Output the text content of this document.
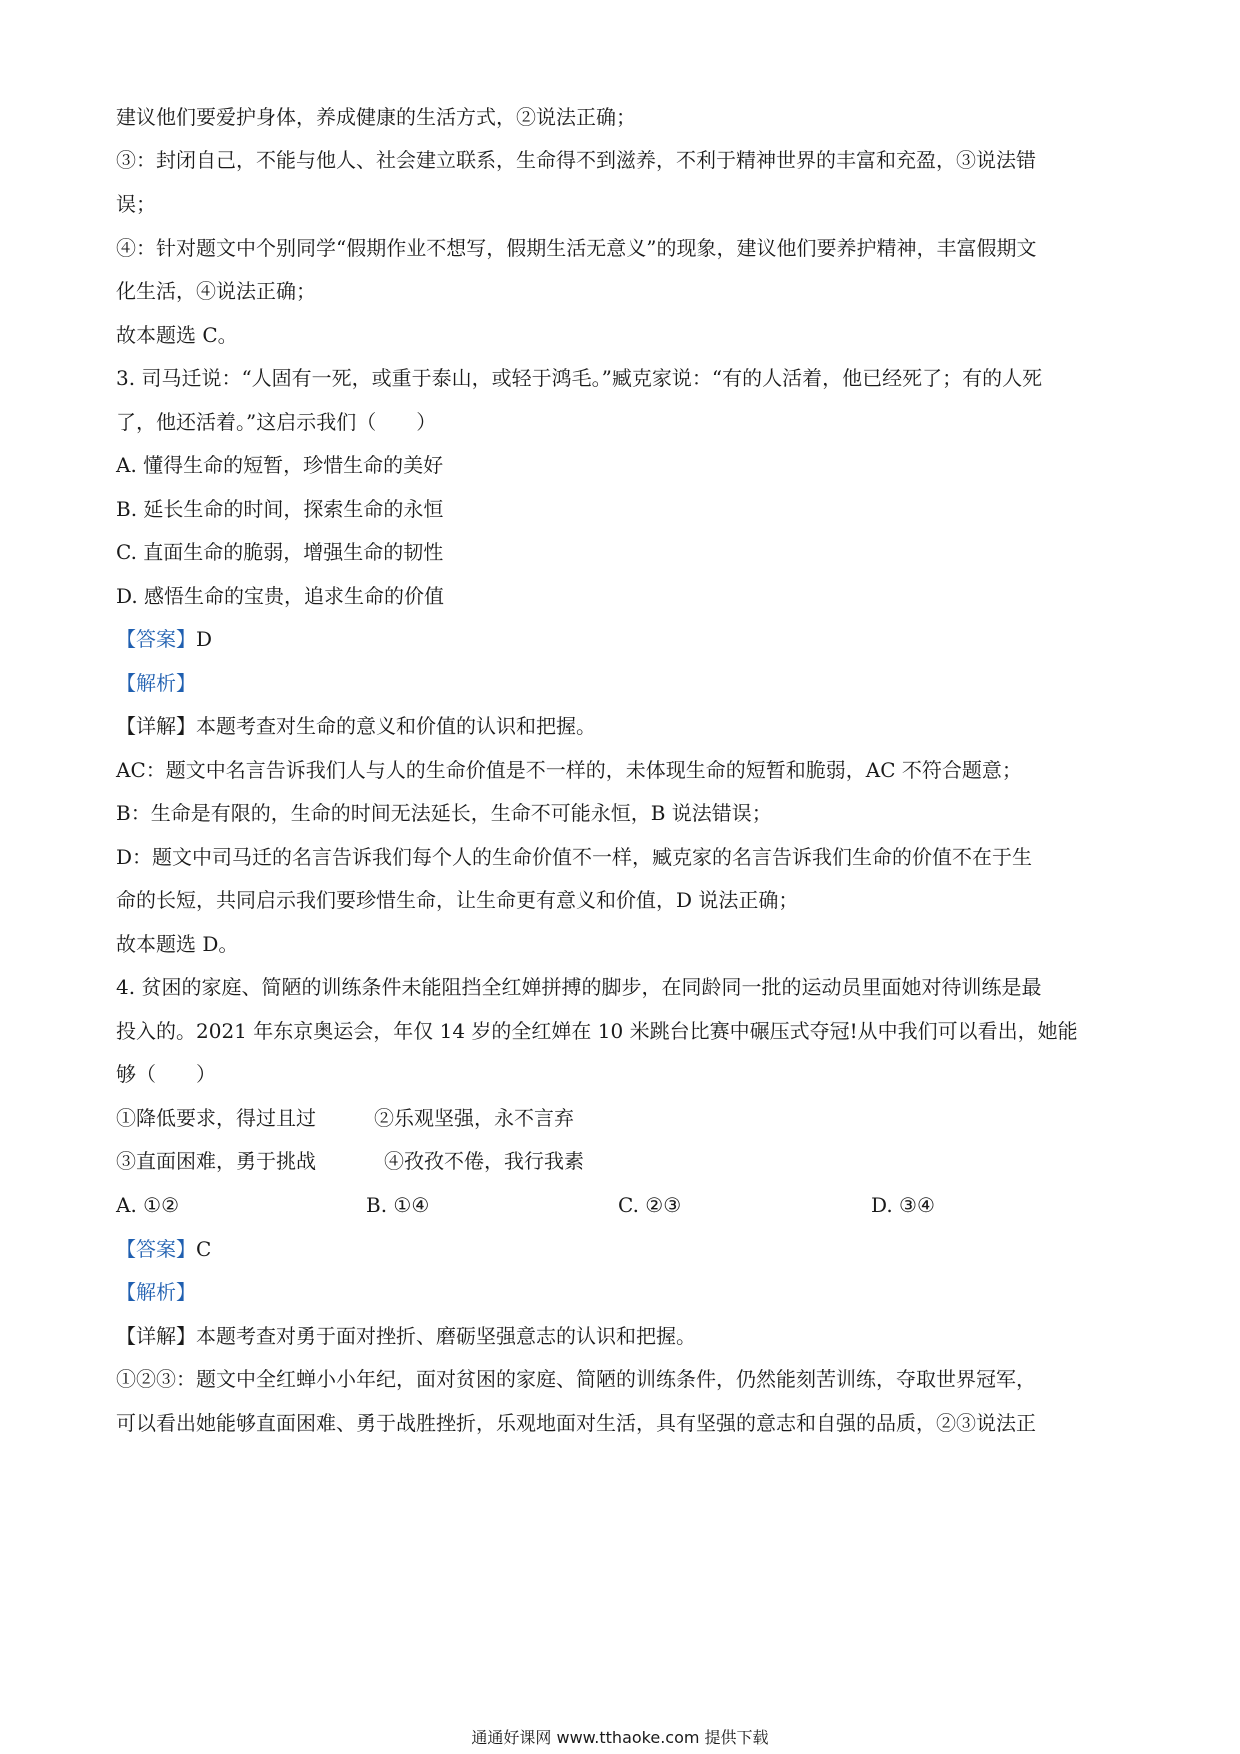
建议他们要爱护身体，养成健康的生活方式，②说法正确；
③：封闭自己，不能与他人、社会建立联系，生命得不到滋养，不利于精神世界的丰富和充盈，③说法错
误；
④：针对题文中个别同学“假期作业不想写，假期生活无意义”的现象，建议他们要养护精神，丰富假期文
化生活，④说法正确；
故本题选 C。
3. 司马迁说：“人固有一死，或重于泰山，或轻于鸿毛。”臧克家说：“有的人活着，他已经死了；有的人死
了，他还活着。”这启示我们（　　）
A. 懂得生命的短暂，珍惜生命的美好
B. 延长生命的时间，探索生命的永恒
C. 直面生命的脆弱，增强生命的韧性
D. 感悟生命的宝贵，追求生命的价值
【答案】D
【解析】
【详解】本题考查对生命的意义和价值的认识和把握。
AC：题文中名言告诉我们人与人的生命价值是不一样的，未体现生命的短暂和脆弱，AC 不符合题意；
B：生命是有限的，生命的时间无法延长，生命不可能永恒，B 说法错误；
D：题文中司马迁的名言告诉我们每个人的生命价值不一样，臧克家的名言告诉我们生命的价值不在于生
命的长短，共同启示我们要珍惜生命，让生命更有意义和价值，D 说法正确；
故本题选 D。
4. 贫困的家庭、简陋的训练条件未能阻挡全红婵拼搏的脚步，在同龄同一批的运动员里面她对待训练是最
投入的。2021 年东京奥运会，年仅 14 岁的全红婵在 10 米跳台比赛中碾压式夺冠!从中我们可以看出，她能
够（　　）
①降低要求，得过且过	②乐观坚强，永不言弃
③直面困难，勇于挑战	④孜孜不倦，我行我素
A. ①②	B. ①④	C. ②③	D. ③④
【答案】C
【解析】
【详解】本题考查对勇于面对挫折、磨砺坚强意志的认识和把握。
①②③：题文中全红蝉小小年纪，面对贫困的家庭、简陋的训练条件，仍然能刻苦训练，夺取世界冠军，
可以看出她能够直面困难、勇于战胜挫折，乐观地面对生活，具有坚强的意志和自强的品质，②③说法正
通通好课网 www.tthaoke.com 提供下载
